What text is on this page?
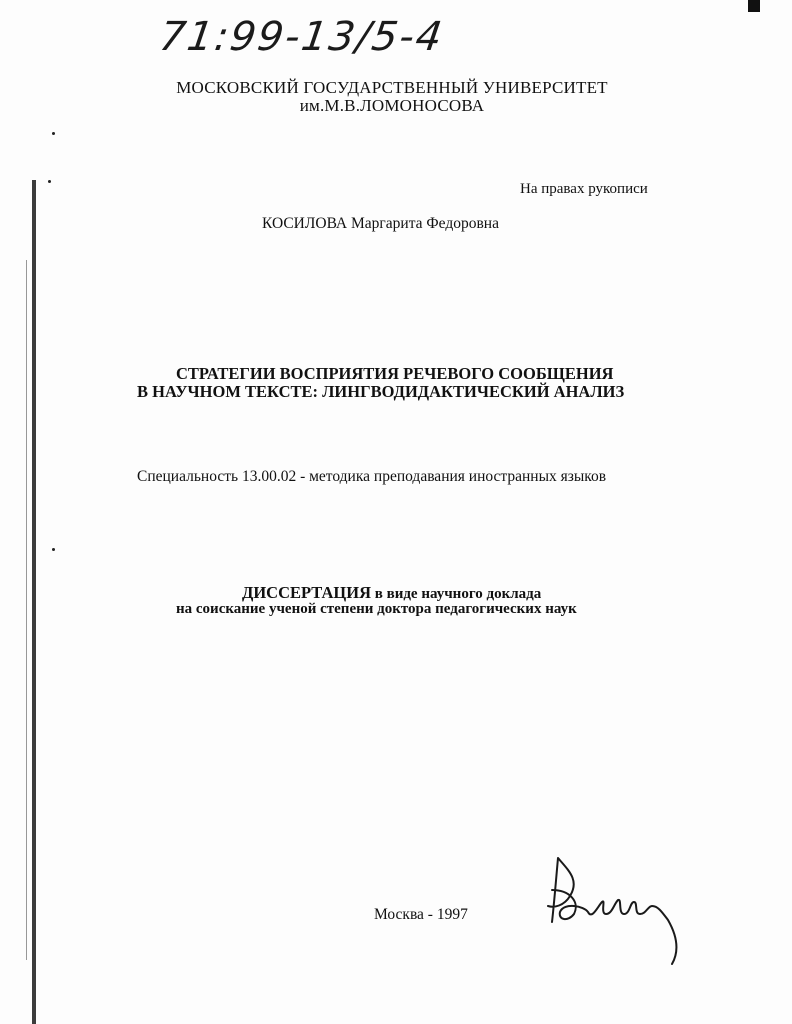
71:99-13/5-4
МОСКОВСКИЙ ГОСУДАРСТВЕННЫЙ УНИВЕРСИТЕТ
им.М.В.ЛОМОНОСОВА
На правах рукописи
КОСИЛОВА Маргарита Федоровна
СТРАТЕГИИ ВОСПРИЯТИЯ РЕЧЕВОГО СООБЩЕНИЯ
В НАУЧНОМ ТЕКСТЕ: ЛИНГВОДИДАКТИЧЕСКИЙ АНАЛИЗ
Специальность 13.00.02 - методика преподавания иностранных языков
ДИССЕРТАЦИЯ в виде научного доклада
на соискание ученой степени доктора педагогических наук
Москва - 1997
